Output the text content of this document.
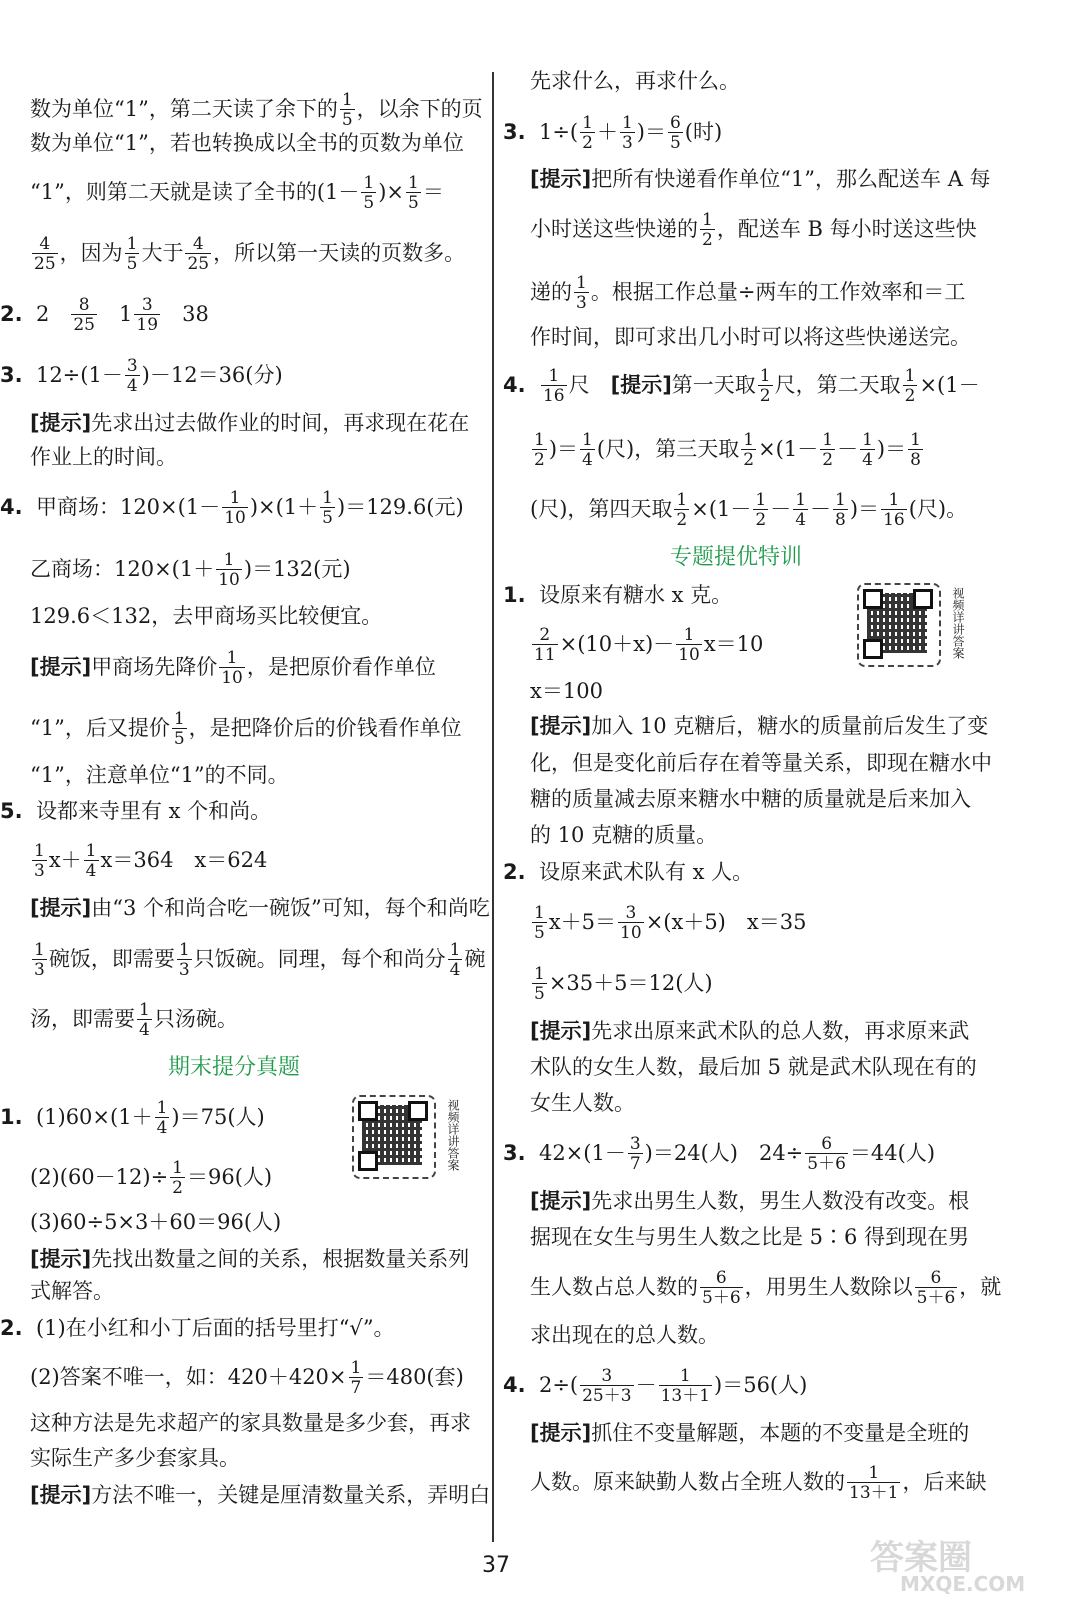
数为单位“1”，第二天读了余下的 $\frac{1}{5}$ ，以余下的页
数为单位“1”，若也转换成以全书的页数为单位
“1”，则第二天就是读了全书的($1- \frac{1}{5}$ )× $\frac{1}{5}$ ＝
$\frac{4}{25}$ ，因为 $\frac{1}{5}$ 大于 $\frac{4}{25}$ ，所以第一天读的页数多。
2. $2 \frac{8}{25} 1 \frac{3}{19} 38$
3. $12\div(1- \frac{3}{4} )-12=36$(分)
[提示]先求出过去做作业的时间，再求现在花在
作业上的时间。
4. 甲商场：$120\times(1- \frac{1}{10} )\times(1+ \frac{1}{5} )=129.6$(元)
乙商场：$120\times(1+ \frac{1}{10} )=132$(元)
129.6＜132，去甲商场买比较便宜。
[提示]甲商场先降价 $\frac{1}{10}$ ，是把原价看作单位
“1”，后又提价 $\frac{1}{5}$ ，是把降价后的价钱看作单位
“1”，注意单位“1”的不同。
5. 设都来寺里有 x 个和尚。
$\frac{1}{3} x+ \frac{1}{4} x=364$　x＝624
[提示]由“3 个和尚合吃一碗饭”可知，每个和尚吃
$\frac{1}{3}$ 碗饭，即需要 $\frac{1}{3}$ 只饭碗。同理，每个和尚分 $\frac{1}{4}$ 碗
汤，即需要 $\frac{1}{4}$ 只汤碗。
期末提分真题
视频详讲答案
1. $(1)60\times(1+ \frac{1}{4} )=75$(人)
$(2)(60-12)\div \frac{1}{2} =96$(人)
(3)60÷5×3＋60＝96(人)
[提示]先找出数量之间的关系，根据数量关系列
式解答。
2. (1)在小红和小丁后面的括号里打“√”。
(2)答案不唯一，如：$420+420\times \frac{1}{7} =480$(套)
这种方法是先求超产的家具数量是多少套，再求
实际生产多少套家具。
[提示]方法不唯一，关键是厘清数量关系，弄明白
先求什么，再求什么。
3. $1\div( \frac{1}{2} + \frac{1}{3}$ )＝ $\frac{6}{5}$ (时)
[提示]把所有快递看作单位“1”，那么配送车 A 每
小时送这些快递的 $\frac{1}{2}$ ，配送车 B 每小时送这些快
递的 $\frac{1}{3}$ 。根据工作总量÷两车的工作效率和＝工
作时间，即可求出几小时可以将这些快递送完。
4. $\frac{1}{16}$ 尺　[提示]第一天取 $\frac{1}{2}$ 尺，第二天取 $\frac{1}{2} \times(1-$
$\frac{1}{2}$ )＝ $\frac{1}{4}$ (尺)，第三天取 $\frac{1}{2} \times(1- \frac{1}{2} - \frac{1}{4}$ )＝ $\frac{1}{8}$
(尺)，第四天取 $\frac{1}{2} \times(1- \frac{1}{2} - \frac{1}{4} - \frac{1}{8}$ )＝ $\frac{1}{16}$ (尺)。
专题提优特训
视频详讲答案
1. 设原来有糖水 x 克。
$\frac{2}{11} \times(10+x)- \frac{1}{10} x=10$
x＝100
[提示]加入 10 克糖后，糖水的质量前后发生了变
化，但是变化前后存在着等量关系，即现在糖水中
糖的质量减去原来糖水中糖的质量就是后来加入
的 10 克糖的质量。
2. 设原来武术队有 x 人。
$\frac{1}{5} x+5= \frac{3}{10} \times(x+5)$　x＝35
$\frac{1}{5} \times 35+5=12$(人)
[提示]先求出原来武术队的总人数，再求原来武
术队的女生人数，最后加 5 就是武术队现在有的
女生人数。
3. $42\times(1- \frac{3}{7} )=24$(人)　$24\div \frac{6}{5+6} =44$(人)
[提示]先求出男生人数，男生人数没有改变。根
据现在女生与男生人数之比是 5∶6 得到现在男
生人数占总人数的 $\frac{6}{5+6}$ ，用男生人数除以 $\frac{6}{5+6}$ ，就
求出现在的总人数。
4. $2\div( \frac{3}{25+3} - \frac{1}{13+1} )=56$(人)
[提示]抓住不变量解题，本题的不变量是全班的
人数。原来缺勤人数占全班人数的 $\frac{1}{13+1}$ ，后来缺
37	答案圈
MXQE.COM
